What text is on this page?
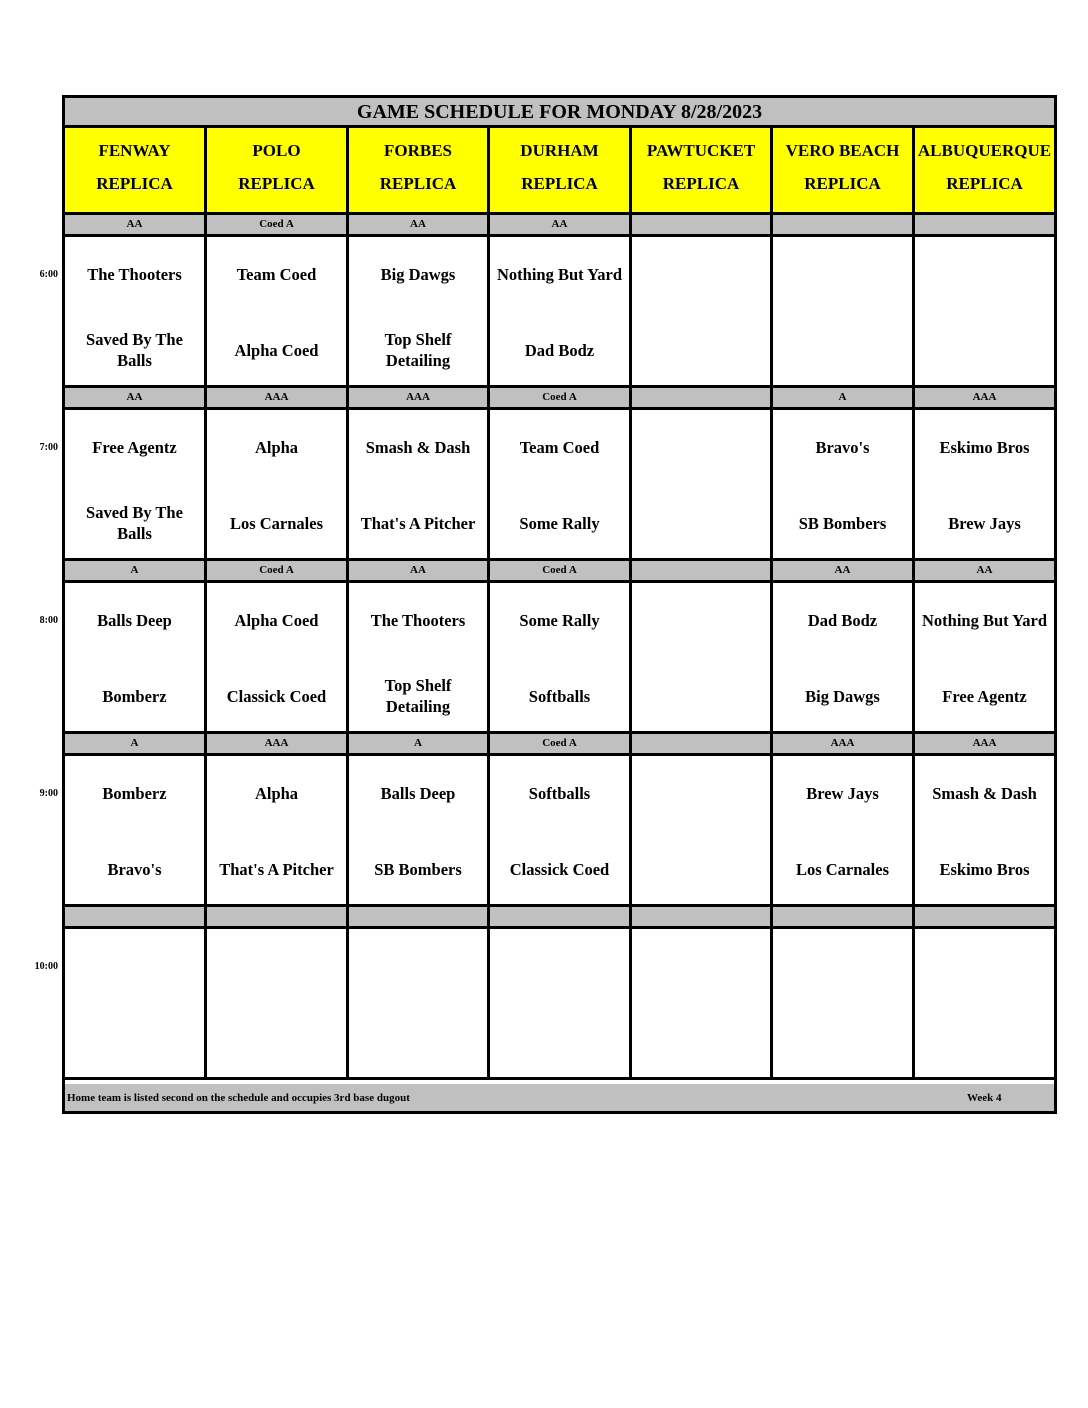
GAME SCHEDULE FOR MONDAY 8/28/2023
FENWAY
REPLICA
POLO
REPLICA
FORBES
REPLICA
DURHAM
REPLICA
PAWTUCKET
REPLICA
VERO BEACH
REPLICA
ALBUQUERQUE
REPLICA
AA
The Thooters
Saved By The Balls
Coed A
Team Coed
Alpha Coed
AA
Big Dawgs
Top Shelf Detailing
AA
Nothing But Yard
Dad Bodz
AA
Free Agentz
Saved By The Balls
AAA
Alpha
Los Carnales
AAA
Smash & Dash
That's A Pitcher
Coed A
Team Coed
Some Rally
A
Bravo's
SB Bombers
AAA
Eskimo Bros
Brew Jays
A
Balls Deep
Bomberz
Coed A
Alpha Coed
Classick Coed
AA
The Thooters
Top Shelf Detailing
Coed A
Some Rally
Softballs
AA
Dad Bodz
Big Dawgs
AA
Nothing But Yard
Free Agentz
A
Bomberz
Bravo's
AAA
Alpha
That's A Pitcher
A
Balls Deep
SB Bombers
Coed A
Softballs
Classick Coed
AAA
Brew Jays
Los Carnales
AAA
Smash & Dash
Eskimo Bros
Home team is listed second on the schedule and occupies 3rd base dugout	Week 4
6:00
7:00
8:00
9:00
10:00
